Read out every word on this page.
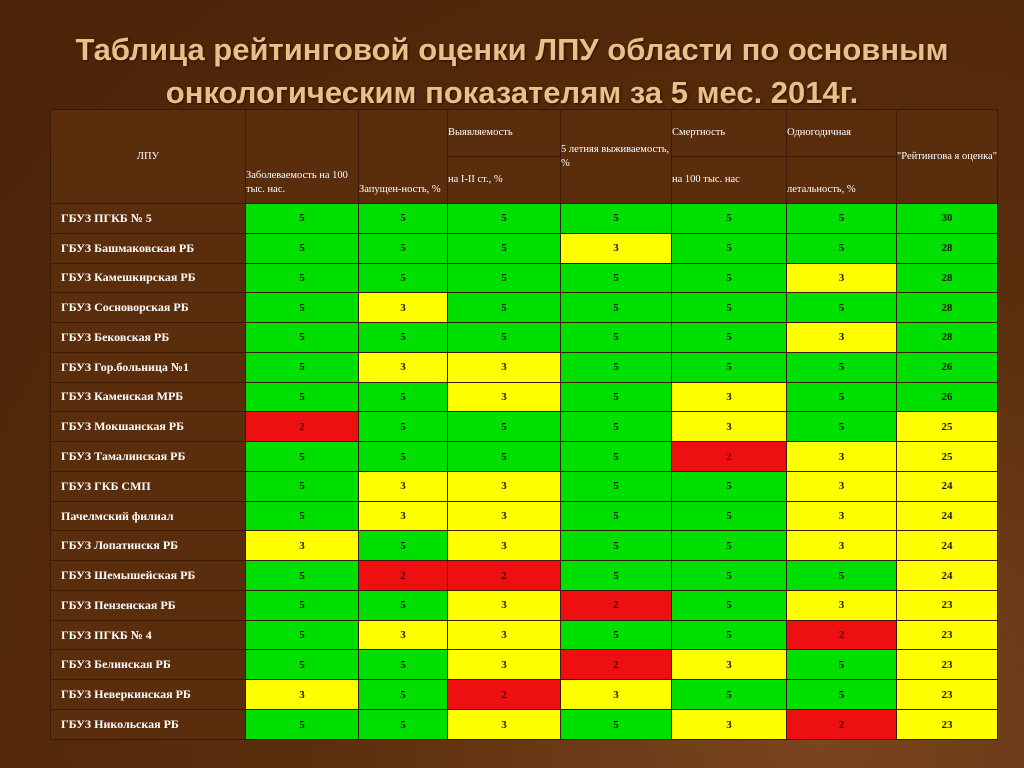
Таблица рейтинговой оценки ЛПУ области по основным
онкологическим показателям за 5 мес. 2014г.
ЛПУ	Заболеваемость на 100 тыс. нас.	Запущен-ность, %	Выявляемость	5 летняя выживаемость, %	Смертность	Одногодичная	"Рейтингова я оценка"
			на I-II ст., %		на 100 тыс. нас	летальность, %	
ГБУЗ ПГКБ № 5	5	5	5	5	5	5	30
ГБУЗ Башмаковская РБ	5	5	5	3	5	5	28
ГБУЗ Камешкирская РБ	5	5	5	5	5	3	28
ГБУЗ Сосноворская РБ	5	3	5	5	5	5	28
ГБУЗ Бековская РБ	5	5	5	5	5	3	28
ГБУЗ Гор.больница №1	5	3	3	5	5	5	26
ГБУЗ Каменская МРБ	5	5	3	5	3	5	26
ГБУЗ Мокшанская РБ	2	5	5	5	3	5	25
ГБУЗ Тамалинская РБ	5	5	5	5	2	3	25
ГБУЗ ГКБ СМП	5	3	3	5	5	3	24
Пачелмский филиал	5	3	3	5	5	3	24
ГБУЗ Лопатинскя РБ	3	5	3	5	5	3	24
ГБУЗ Шемышейская РБ	5	2	2	5	5	5	24
ГБУЗ Пензенская РБ	5	5	3	2	5	3	23
ГБУЗ ПГКБ № 4	5	3	3	5	5	2	23
ГБУЗ Белинская РБ	5	5	3	2	3	5	23
ГБУЗ Неверкинская РБ	3	5	2	3	5	5	23
ГБУЗ Никольская РБ	5	5	3	5	3	2	23
